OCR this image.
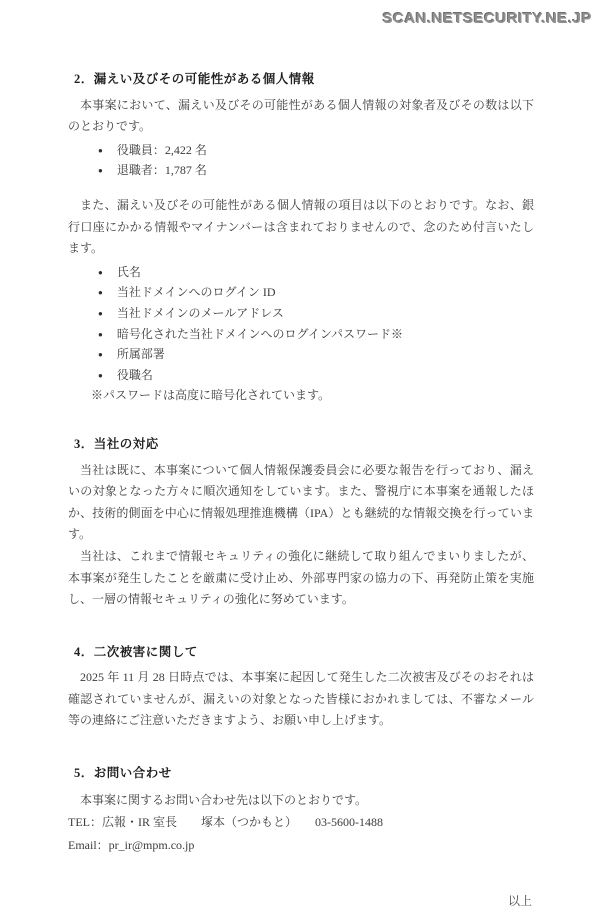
SCAN.NETSECURITY.NE.JP
2．漏えい及びその可能性がある個人情報

本事案において、漏えい及びその可能性がある個人情報の対象者及びその数は以下のとおりです。

● 役職員：2,422 名
● 退職者：1,787 名

また、漏えい及びその可能性がある個人情報の項目は以下のとおりです。なお、銀行口座にかかる情報やマイナンバーは含まれておりませんので、念のため付言いたします。

● 氏名
● 当社ドメインへのログイン ID
● 当社ドメインのメールアドレス
● 暗号化された当社ドメインへのログインパスワード※
● 所属部署
● 役職名

※パスワードは高度に暗号化されています。

3．当社の対応

当社は既に、本事案について個人情報保護委員会に必要な報告を行っており、漏えいの対象となった方々に順次通知をしています。また、警視庁に本事案を通報したほか、技術的側面を中心に情報処理推進機構（IPA）とも継続的な情報交換を行っています。

当社は、これまで情報セキュリティの強化に継続して取り組んでまいりましたが、本事案が発生したことを厳粛に受け止め、外部専門家の協力の下、再発防止策を実施し、一層の情報セキュリティの強化に努めています。

4．二次被害に関して

2025 年 11 月 28 日時点では、本事案に起因して発生した二次被害及びそのおそれは確認されていませんが、漏えいの対象となった皆様におかれましては、不審なメール等の連絡にご注意いただきますよう、お願い申し上げます。

5．お問い合わせ

本事案に関するお問い合わせ先は以下のとおりです。

TEL：広報・IR 室長　　塚本（つかもと）　　03-5600-1488

Email：pr_ir@mpm.co.jp

以上
